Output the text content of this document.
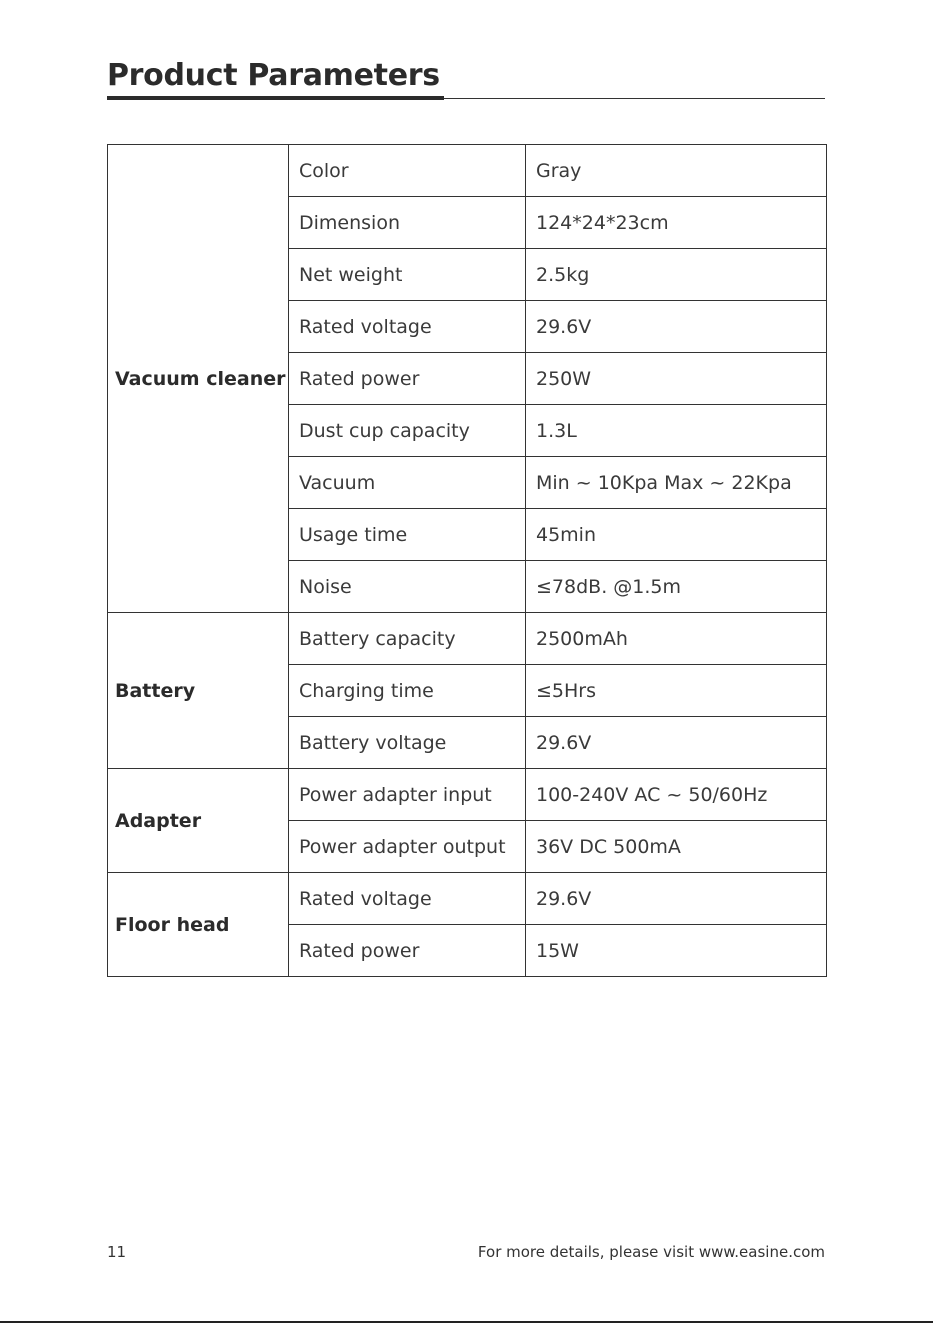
Product Parameters
Vacuum cleaner	Color	Gray
	Dimension	124*24*23cm
	Net weight	2.5kg
	Rated voltage	29.6V
	Rated power	250W
	Dust cup capacity	1.3L
	Vacuum	Min ~ 10Kpa Max ~ 22Kpa
	Usage time	45min
	Noise	≤78dB. @1.5m
Battery	Battery capacity	2500mAh
	Charging time	≤5Hrs
	Battery voltage	29.6V
Adapter	Power adapter input	100-240V AC ~ 50/60Hz
	Power adapter output	36V DC 500mA
Floor head	Rated voltage	29.6V
	Rated power	15W
11	For more details, please visit www.easine.com
